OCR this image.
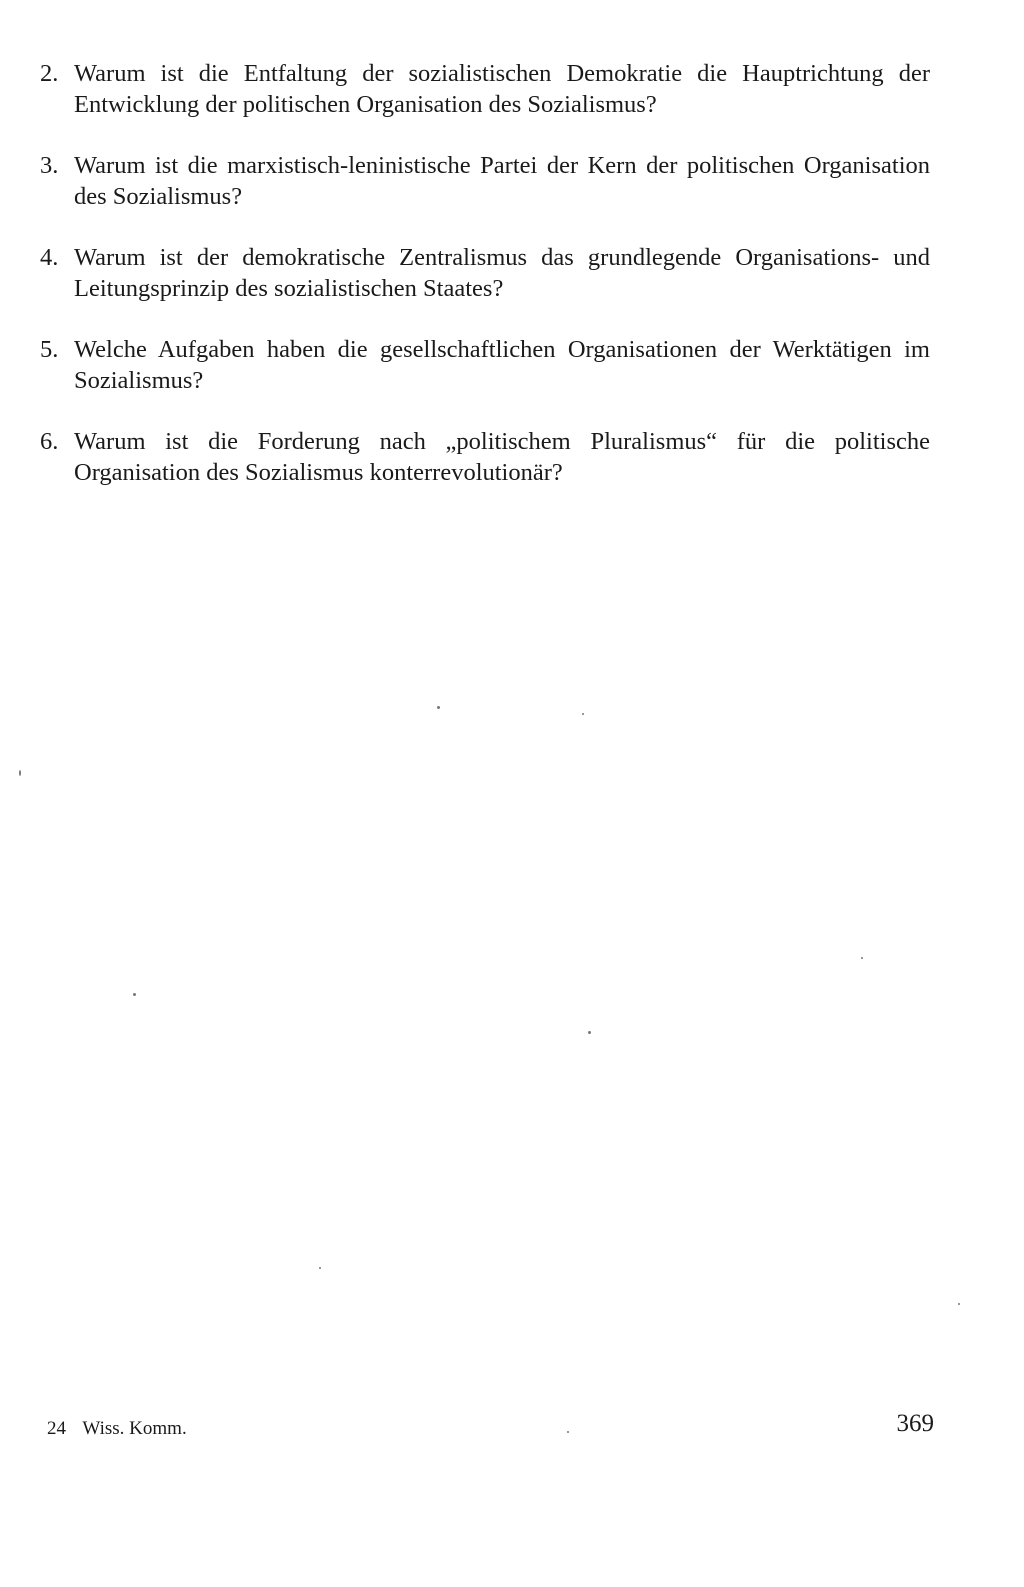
2. Warum ist die Entfaltung der sozialistischen Demokratie die Hauptrichtung der Entwicklung der politischen Organisation des Sozialismus?
3. Warum ist die marxistisch-leninistische Partei der Kern der politischen Organisation des Sozialismus?
4. Warum ist der demokratische Zentralismus das grundlegende Organisations- und Leitungsprinzip des sozialistischen Staates?
5. Welche Aufgaben haben die gesellschaftlichen Organisationen der Werktätigen im Sozialismus?
6. Warum ist die Forderung nach „politischem Pluralismus“ für die politische Organisation des Sozialismus konterrevolutionär?
24 Wiss. Komm.	369
